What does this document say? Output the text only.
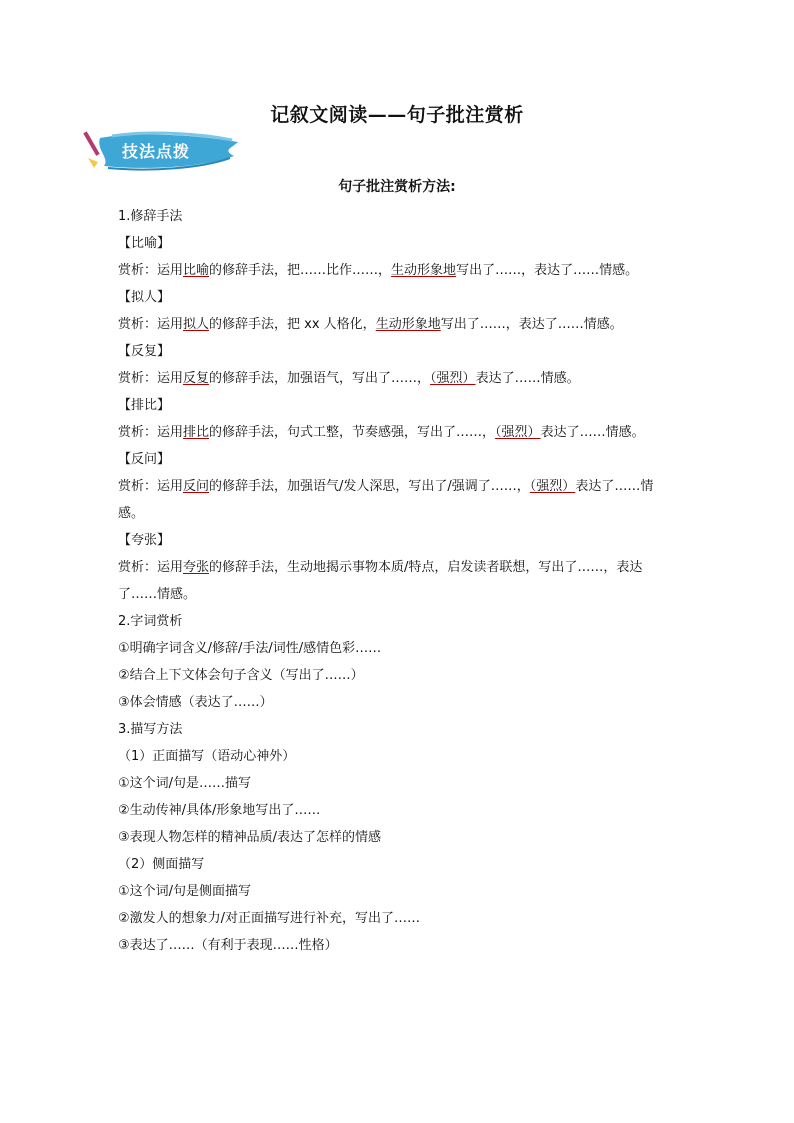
记叙文阅读——句子批注赏析
技法点拨
句子批注赏析方法:
1.修辞手法
【比喻】
赏析：运用比喻的修辞手法，把……比作……，生动形象地写出了……，表达了……情感。
【拟人】
赏析：运用拟人的修辞手法，把 xx 人格化，生动形象地写出了……，表达了……情感。
【反复】
赏析：运用反复的修辞手法，加强语气，写出了……，（强烈）表达了……情感。
【排比】
赏析：运用排比的修辞手法，句式工整，节奏感强，写出了……，（强烈）表达了……情感。
【反问】
赏析：运用反问的修辞手法，加强语气/发人深思，写出了/强调了……，（强烈）表达了……情感。
【夸张】
赏析：运用夸张的修辞手法，生动地揭示事物本质/特点，启发读者联想，写出了……，表达了……情感。
2.字词赏析
①明确字词含义/修辞/手法/词性/感情色彩……
②结合上下文体会句子含义（写出了……）
③体会情感（表达了……）
3.描写方法
（1）正面描写（语动心神外）
①这个词/句是……描写
②生动传神/具体/形象地写出了……
③表现人物怎样的精神品质/表达了怎样的情感
（2）侧面描写
①这个词/句是侧面描写
②激发人的想象力/对正面描写进行补充，写出了……
③表达了……（有利于表现……性格）
